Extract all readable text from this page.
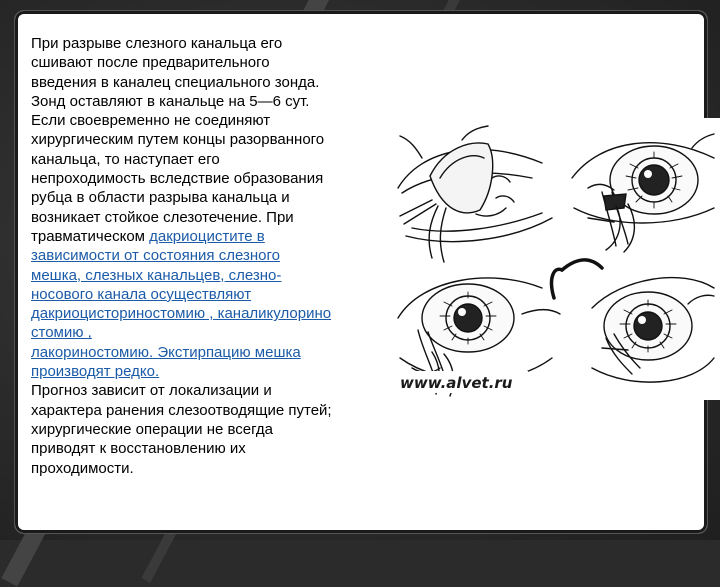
При разрыве слезного канальца его
сшивают после предварительного
введения в каналец специального зонда.
Зонд оставляют в канальце на 5—6 сут.
Если своевременно не соединяют
хирургическим путем концы разорванного
канальца, то наступает его
непроходимость вследствие образования
рубца в области разрыва канальца и
возникает стойкое слезотечение. При
травматическом дакриоцистите в
зависимости от состояния слезного
мешка, слезных канальцев, слезно-
носового канала осуществляют
дакриоцисториностомию , каналикулорино
стомию ,
лакориностомию. Экстирпацию мешка
производят редко.
Прогноз зависит от локализации и
характера ранения слезоотводящие путей;
хирургические операции не всегда
приводят к восстановлению их
проходимости.
www.alvet.ru
